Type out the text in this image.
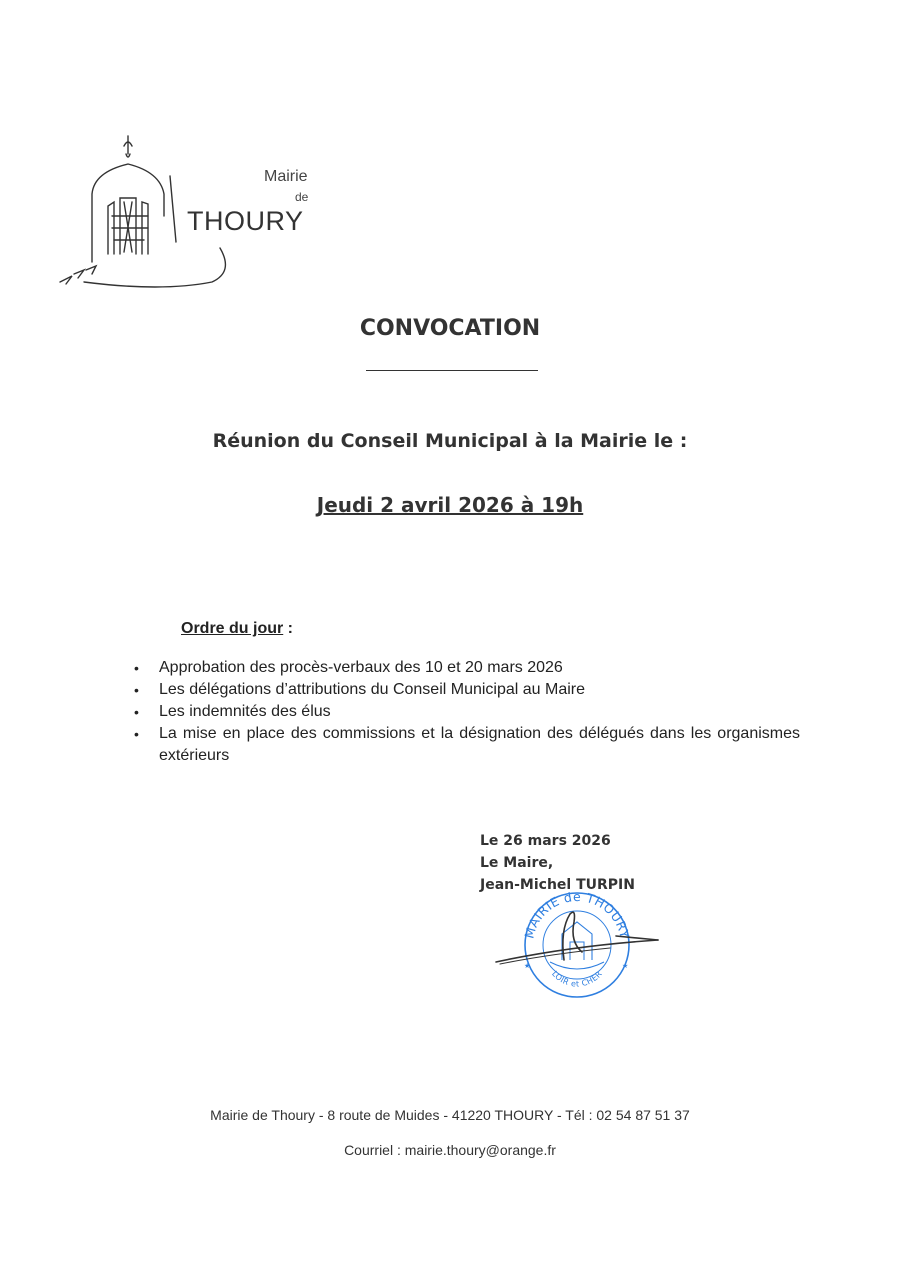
Mairie
de
THOURY
CONVOCATION
Réunion du Conseil Municipal à la Mairie le :
Jeudi 2 avril 2026 à 19h
Ordre du jour :
• Approbation des procès-verbaux des 10 et 20 mars 2026
• Les délégations d’attributions du Conseil Municipal au Maire
• Les indemnités des élus
• La mise en place des commissions et la désignation des délégués dans les organismes extérieurs
Le 26 mars 2026
Le Maire,
Jean-Michel TURPIN
MAIRIE de THOURY
LOIR et CHER
★	★
Mairie de Thoury - 8 route de Muides - 41220 THOURY - Tél : 02 54 87 51 37
Courriel : mairie.thoury@orange.fr
